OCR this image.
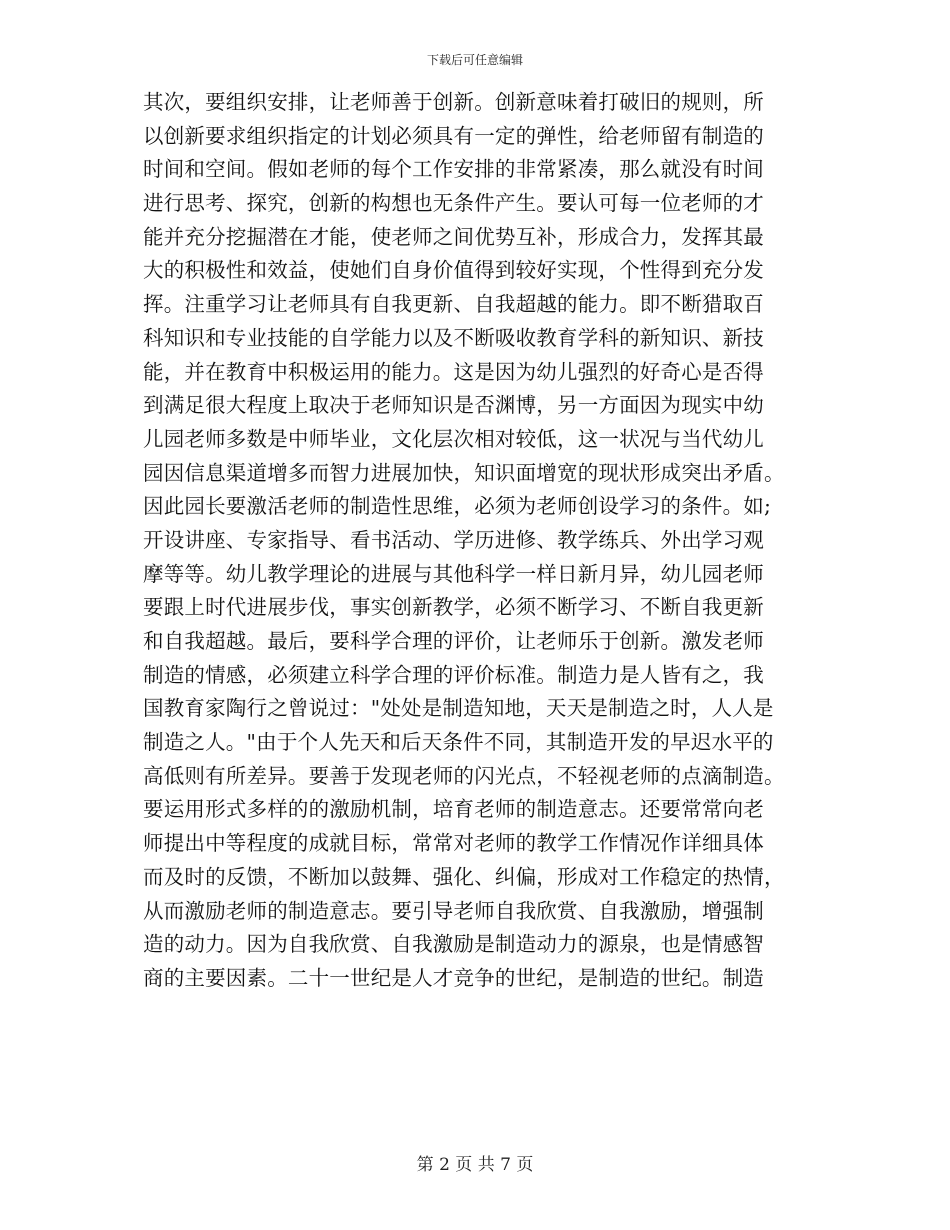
下载后可任意编辑
其次，要组织安排，让老师善于创新。创新意味着打破旧的规则，所
以创新要求组织指定的计划必须具有一定的弹性，给老师留有制造的
时间和空间。假如老师的每个工作安排的非常紧凑，那么就没有时间
进行思考、探究，创新的构想也无条件产生。要认可每一位老师的才
能并充分挖掘潜在才能，使老师之间优势互补，形成合力，发挥其最
大的积极性和效益，使她们自身价值得到较好实现，个性得到充分发
挥。注重学习让老师具有自我更新、自我超越的能力。即不断猎取百
科知识和专业技能的自学能力以及不断吸收教育学科的新知识、新技
能，并在教育中积极运用的能力。这是因为幼儿强烈的好奇心是否得
到满足很大程度上取决于老师知识是否渊博，另一方面因为现实中幼
儿园老师多数是中师毕业，文化层次相对较低，这一状况与当代幼儿
园因信息渠道增多而智力进展加快，知识面增宽的现状形成突出矛盾。
因此园长要激活老师的制造性思维，必须为老师创设学习的条件。如;
开设讲座、专家指导、看书活动、学历进修、教学练兵、外出学习观
摩等等。幼儿教学理论的进展与其他科学一样日新月异，幼儿园老师
要跟上时代进展步伐，事实创新教学，必须不断学习、不断自我更新
和自我超越。最后，要科学合理的评价，让老师乐于创新。激发老师
制造的情感，必须建立科学合理的评价标准。制造力是人皆有之，我
国教育家陶行之曾说过："处处是制造知地，天天是制造之时，人人是
制造之人。"由于个人先天和后天条件不同，其制造开发的早迟水平的
高低则有所差异。要善于发现老师的闪光点，不轻视老师的点滴制造。
要运用形式多样的的激励机制，培育老师的制造意志。还要常常向老
师提出中等程度的成就目标，常常对老师的教学工作情况作详细具体
而及时的反馈，不断加以鼓舞、强化、纠偏，形成对工作稳定的热情，
从而激励老师的制造意志。要引导老师自我欣赏、自我激励，增强制
造的动力。因为自我欣赏、自我激励是制造动力的源泉，也是情感智
商的主要因素。二十一世纪是人才竞争的世纪，是制造的世纪。制造
第 2 页 共 7 页
